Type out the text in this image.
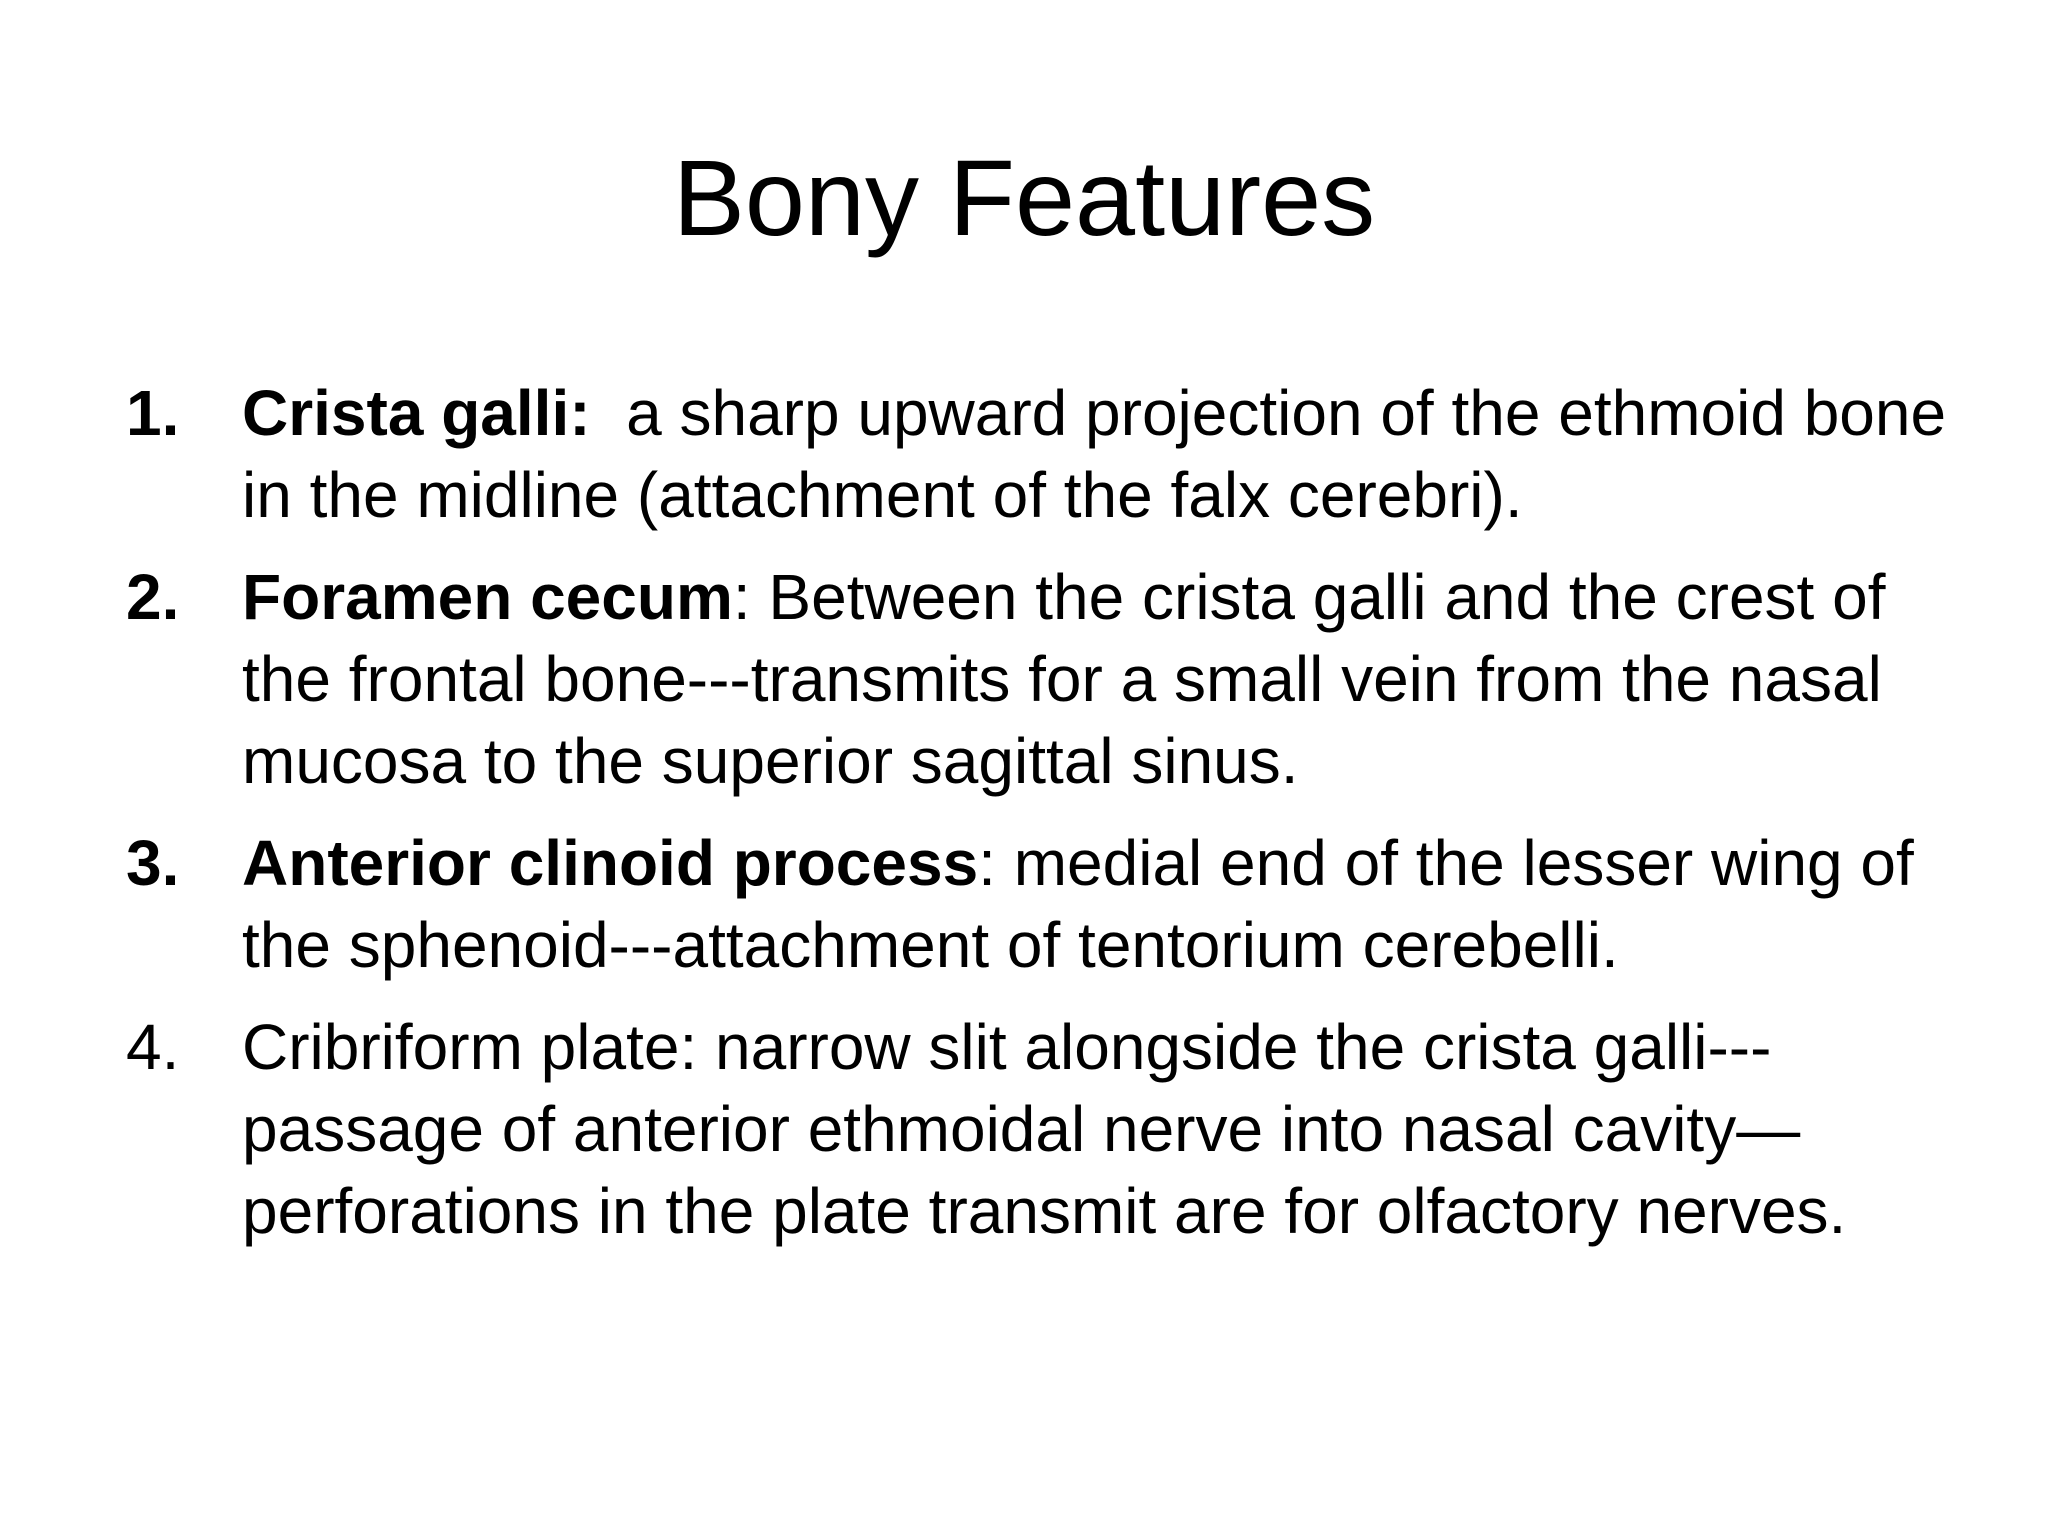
Bony Features
1. Crista galli:  a sharp upward projection of the ethmoid bone in the midline (attachment of the falx cerebri).
2. Foramen cecum: Between the crista galli and the crest of the frontal bone---transmits for a small vein from the nasal mucosa to the superior sagittal sinus.
3. Anterior clinoid process: medial end of the lesser wing of the sphenoid---attachment of tentorium cerebelli.
4. Cribriform plate: narrow slit alongside the crista galli---passage of anterior ethmoidal nerve into nasal cavity—perforations in the plate transmit are for olfactory nerves.
